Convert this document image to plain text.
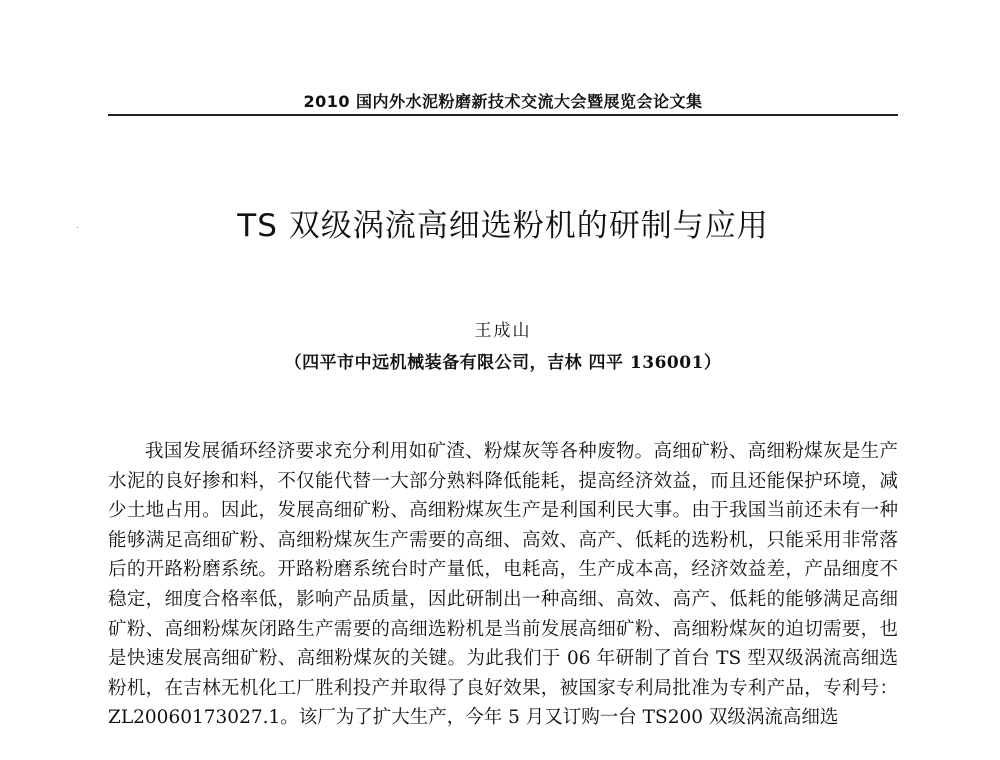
2010 国内外水泥粉磨新技术交流大会暨展览会论文集
TS 双级涡流高细选粉机的研制与应用
王成山
（四平市中远机械装备有限公司，吉林 四平 136001）

我国发展循环经济要求充分利用如矿渣、粉煤灰等各种废物。高细矿粉、高细粉煤灰是生产水泥的良好掺和料，不仅能代替一大部分熟料降低能耗，提高经济效益，而且还能保护环境，减少土地占用。因此，发展高细矿粉、高细粉煤灰生产是利国利民大事。由于我国当前还未有一种能够满足高细矿粉、高细粉煤灰生产需要的高细、高效、高产、低耗的选粉机，只能采用非常落后的开路粉磨系统。开路粉磨系统台时产量低，电耗高，生产成本高，经济效益差，产品细度不稳定，细度合格率低，影响产品质量，因此研制出一种高细、高效、高产、低耗的能够满足高细矿粉、高细粉煤灰闭路生产需要的高细选粉机是当前发展高细矿粉、高细粉煤灰的迫切需要，也是快速发展高细矿粉、高细粉煤灰的关键。为此我们于 06 年研制了首台 TS 型双级涡流高细选粉机，在吉林无机化工厂胜利投产并取得了良好效果，被国家专利局批准为专利产品，专利号：ZL20060173027.1。该厂为了扩大生产，今年 5 月又订购一台 TS200 双级涡流高细选
